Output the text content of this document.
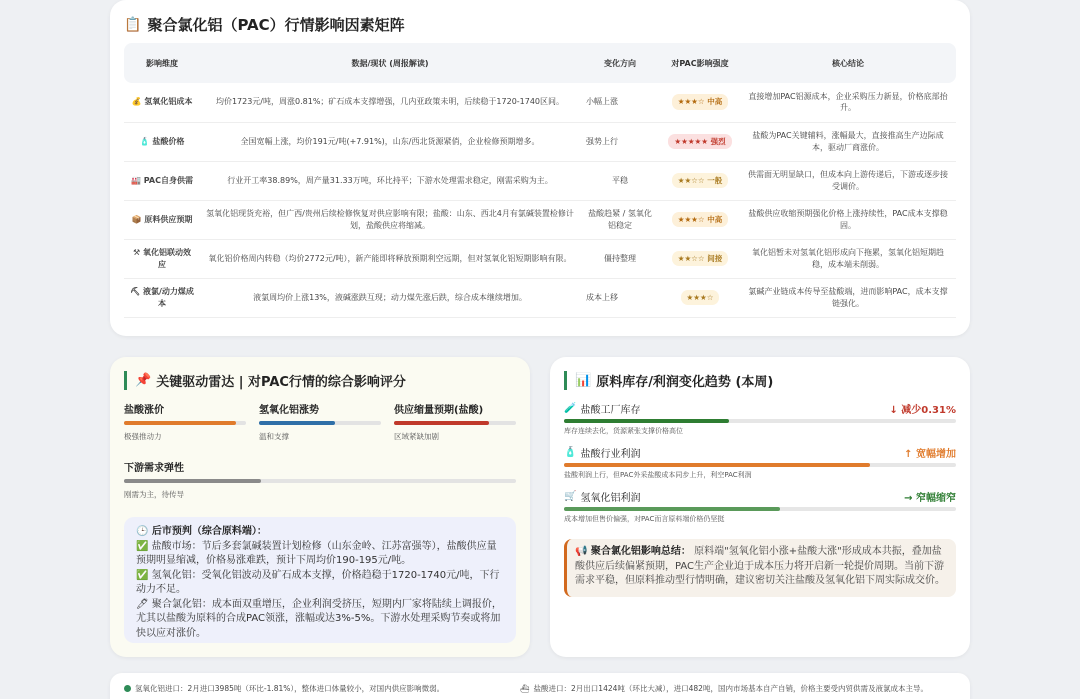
📋 聚合氯化铝（PAC）行情影响因素矩阵
影响维度	数据/现状 (周报解读)	变化方向	对PAC影响强度	核心结论
💰 氢氧化铝成本	均价1723元/吨，周涨0.81%；矿石成本支撑增强，几内亚政策未明，后续稳于1720-1740区间。	小幅上涨	★★★☆ 中高	直接增加PAC铝源成本，企业采购压力新显，价格底部抬升。
🧴 盐酸价格	全国宽幅上涨，均价191元/吨(+7.91%)，山东/西北货源紧俏，企业检修预期增多。	强势上行	★★★★★ 强烈	盐酸为PAC关键辅料，涨幅最大，直接推高生产边际成本，驱动厂商涨价。
🏭 PAC自身供需	行业开工率38.89%，周产量31.33万吨，环比持平；下游水处理需求稳定，刚需采购为主。	平稳	★★☆☆ 一般	供需面无明显缺口，但成本向上游传递后，下游或逐步接受调价。
📦 原料供应预期	氢氧化铝现货充裕，但广西/贵州后续检修恢复对供应影响有限；盐酸：山东、西北4月有氯碱装置检修计划，盐酸供应将缩减。	盐酸趋紧 / 氢氧化铝稳定	★★★☆ 中高	盐酸供应收缩预期强化价格上涨持续性，PAC成本支撑稳固。
⚒ 氧化铝联动效应	氧化铝价格周内转稳（均价2772元/吨），新产能即将释放预期利空远期，但对氢氧化铝短期影响有限。	僵持整理	★★☆☆ 间接	氧化铝暂未对氢氧化铝形成向下拖累，氢氧化铝短期趋稳，成本端未削弱。
⛏ 液氯/动力煤成本	液氯周均价上涨13%，液碱涨跌互现；动力煤先涨后跌，综合成本继续增加。	成本上移	★★★☆	氯碱产业链成本传导至盐酸端，进而影响PAC，成本支撑链强化。
📌 关键驱动雷达 | 对PAC行情的综合影响评分
盐酸涨价
极强推动力
氢氧化铝涨势
温和支撑
供应缩量预期(盐酸)
区域紧缺加剧
下游需求弹性
刚需为主，待传导
🕒 后市预判（综合原料端）：
✅ 盐酸市场：节后多套氯碱装置计划检修（山东金岭、江苏富强等），盐酸供应量预期明显缩减，价格易涨难跌，预计下周均价190-195元/吨。
✅ 氢氧化铝：受氧化铝波动及矿石成本支撑，价格趋稳于1720-1740元/吨，下行动力不足。
🖊 聚合氯化铝：成本面双重增压，企业利润受挤压，短期内厂家将陆续上调报价，尤其以盐酸为原料的合成PAC领涨，涨幅或达3%-5%。下游水处理采购节奏或将加快以应对涨价。
📊 原料库存/利润变化趋势 (本周)
🧪 盐酸工厂库存	↓ 减少0.31%
库存连续去化，货源紧张支撑价格高位
🧴 盐酸行业利润	↑ 宽幅增加
盐酸利润上行，但PAC外采盐酸成本同步上升，利空PAC利润
🛒 氢氧化铝利润	→ 窄幅缩窄
成本增加但售价偏强，对PAC而言原料端价格仍坚挺
📢 聚合氯化铝影响总结： 原料端"氢氧化铝小涨+盐酸大涨"形成成本共振，叠加盐酸供应后续偏紧预期，PAC生产企业迫于成本压力将开启新一轮提价周期。当前下游需求平稳，但原料推动型行情明确，建议密切关注盐酸及氢氧化铝下周实际成交价。
氢氧化铝进口：2月进口3985吨（环比-1.81%），整体进口体量较小，对国内供应影响微弱。	⛴ 盐酸进口：2月出口1424吨（环比大减），进口482吨，国内市场基本自产自销，价格主要受内贸供需及液氯成本主导。
